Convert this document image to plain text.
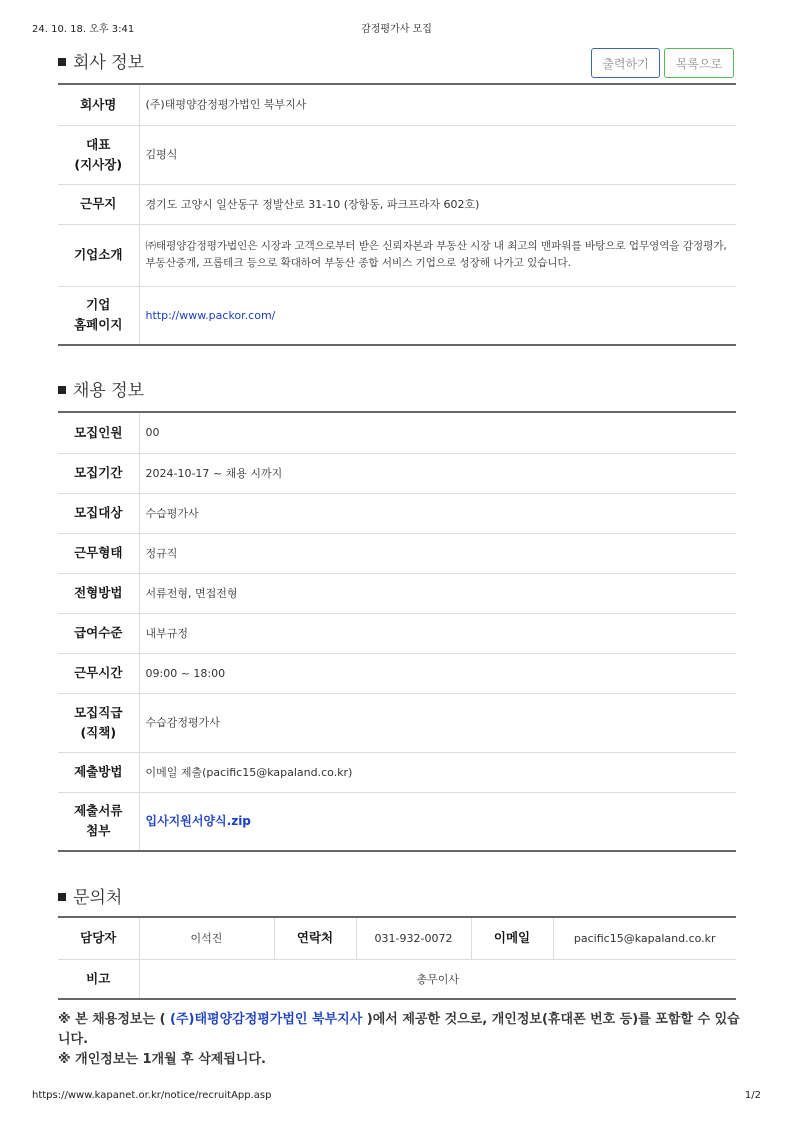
24. 10. 18. 오후 3:41	감정평가사 모집
회사 정보	출력하기	목록으로
회사명	(주)태평양감정평가법인 북부지사
대표
(지사장)	김평식
근무지	경기도 고양시 일산동구 정발산로 31-10 (장항동, 파크프라자 602호)
기업소개	㈜태평양감정평가법인은 시장과 고객으로부터 받은 신뢰자본과 부동산 시장 내 최고의 맨파워를 바탕으로 업무영역을 감정평가, 부동산중개, 프롭테크 등으로 확대하여 부동산 종합 서비스 기업으로 성장해 나가고 있습니다.
기업
홈페이지	http://www.packor.com/
채용 정보
모집인원	00
모집기간	2024-10-17 ~ 채용 시까지
모집대상	수습평가사
근무형태	정규직
전형방법	서류전형, 면접전형
급여수준	내부규정
근무시간	09:00 ~ 18:00
모집직급
(직책)	수습감정평가사
제출방법	이메일 제출(pacific15@kapaland.co.kr)
제출서류
첨부	입사지원서양식.zip
문의처
담당자	이석진	연락처	031-932-0072	이메일	pacific15@kapaland.co.kr
비고	총무이사				
※ 본 채용정보는 ( (주)태평양감정평가법인 북부지사 )에서 제공한 것으로, 개인정보(휴대폰 번호 등)를 포함할 수 있습니다.
※ 개인정보는 1개월 후 삭제됩니다.
https://www.kapanet.or.kr/notice/recruitApp.asp	1/2
